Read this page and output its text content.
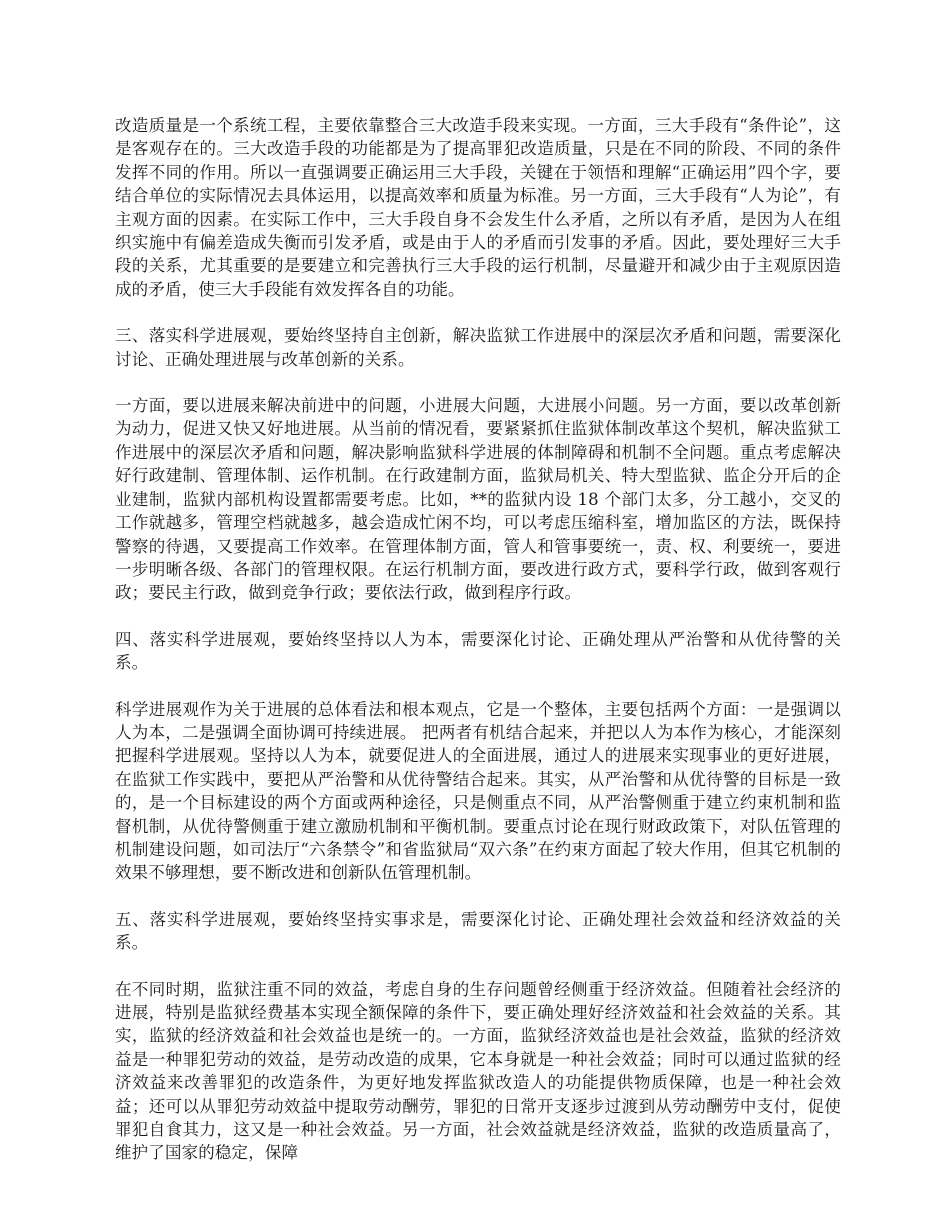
改造质量是一个系统工程，主要依靠整合三大改造手段来实现。一方面，三大手段有“条件论”，这是客观存在的。三大改造手段的功能都是为了提高罪犯改造质量，只是在不同的阶段、不同的条件发挥不同的作用。所以一直强调要正确运用三大手段，关键在于领悟和理解“正确运用”四个字，要结合单位的实际情况去具体运用，以提高效率和质量为标准。另一方面，三大手段有“人为论”，有主观方面的因素。在实际工作中，三大手段自身不会发生什么矛盾，之所以有矛盾，是因为人在组织实施中有偏差造成失衡而引发矛盾，或是由于人的矛盾而引发事的矛盾。因此，要处理好三大手段的关系，尤其重要的是要建立和完善执行三大手段的运行机制，尽量避开和减少由于主观原因造成的矛盾，使三大手段能有效发挥各自的功能。

三、落实科学进展观，要始终坚持自主创新，解决监狱工作进展中的深层次矛盾和问题，需要深化讨论、正确处理进展与改革创新的关系。

一方面，要以进展来解决前进中的问题，小进展大问题，大进展小问题。另一方面，要以改革创新为动力，促进又快又好地进展。从当前的情况看，要紧紧抓住监狱体制改革这个契机，解决监狱工作进展中的深层次矛盾和问题，解决影响监狱科学进展的体制障碍和机制不全问题。重点考虑解决好行政建制、管理体制、运作机制。在行政建制方面，监狱局机关、特大型监狱、监企分开后的企业建制，监狱内部机构设置都需要考虑。比如，**的监狱内设 18 个部门太多，分工越小，交叉的工作就越多，管理空档就越多，越会造成忙闲不均，可以考虑压缩科室，增加监区的方法，既保持警察的待遇，又要提高工作效率。在管理体制方面，管人和管事要统一，责、权、利要统一，要进一步明晰各级、各部门的管理权限。在运行机制方面，要改进行政方式，要科学行政，做到客观行政；要民主行政，做到竞争行政；要依法行政，做到程序行政。

四、落实科学进展观，要始终坚持以人为本，需要深化讨论、正确处理从严治警和从优待警的关系。

科学进展观作为关于进展的总体看法和根本观点，它是一个整体，主要包括两个方面：一是强调以人为本，二是强调全面协调可持续进展。 把两者有机结合起来，并把以人为本作为核心，才能深刻把握科学进展观。坚持以人为本，就要促进人的全面进展，通过人的进展来实现事业的更好进展，在监狱工作实践中，要把从严治警和从优待警结合起来。其实，从严治警和从优待警的目标是一致的，是一个目标建设的两个方面或两种途径，只是侧重点不同，从严治警侧重于建立约束机制和监督机制，从优待警侧重于建立激励机制和平衡机制。要重点讨论在现行财政政策下，对队伍管理的机制建设问题，如司法厅“六条禁令”和省监狱局“双六条”在约束方面起了较大作用，但其它机制的效果不够理想，要不断改进和创新队伍管理机制。

五、落实科学进展观，要始终坚持实事求是，需要深化讨论、正确处理社会效益和经济效益的关系。

在不同时期，监狱注重不同的效益，考虑自身的生存问题曾经侧重于经济效益。但随着社会经济的进展，特别是监狱经费基本实现全额保障的条件下，要正确处理好经济效益和社会效益的关系。其实，监狱的经济效益和社会效益也是统一的。一方面，监狱经济效益也是社会效益，监狱的经济效益是一种罪犯劳动的效益，是劳动改造的成果，它本身就是一种社会效益；同时可以通过监狱的经济效益来改善罪犯的改造条件，为更好地发挥监狱改造人的功能提供物质保障，也是一种社会效益；还可以从罪犯劳动效益中提取劳动酬劳，罪犯的日常开支逐步过渡到从劳动酬劳中支付，促使罪犯自食其力，这又是一种社会效益。另一方面，社会效益就是经济效益，监狱的改造质量高了，维护了国家的稳定，保障
